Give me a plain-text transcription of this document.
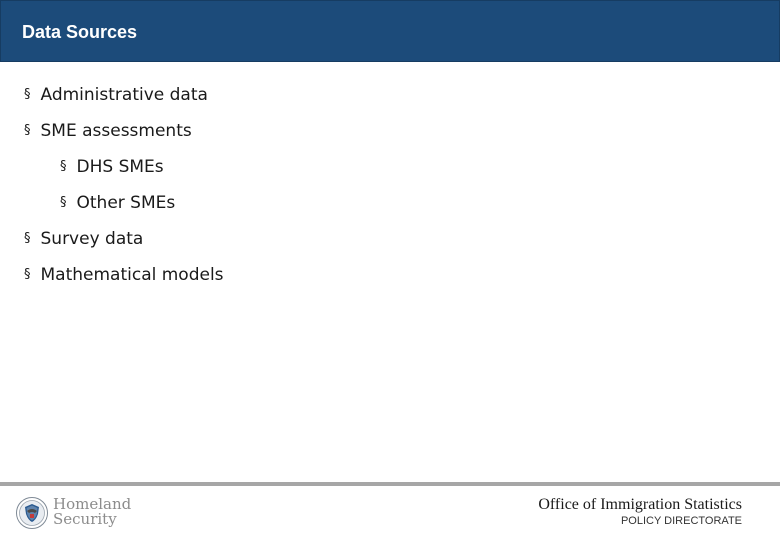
Data Sources
§ Administrative data
§ SME assessments
§ DHS SMEs
§ Other SMEs
§ Survey data
§ Mathematical models
Homeland
Security
Office of Immigration Statistics
POLICY DIRECTORATE
